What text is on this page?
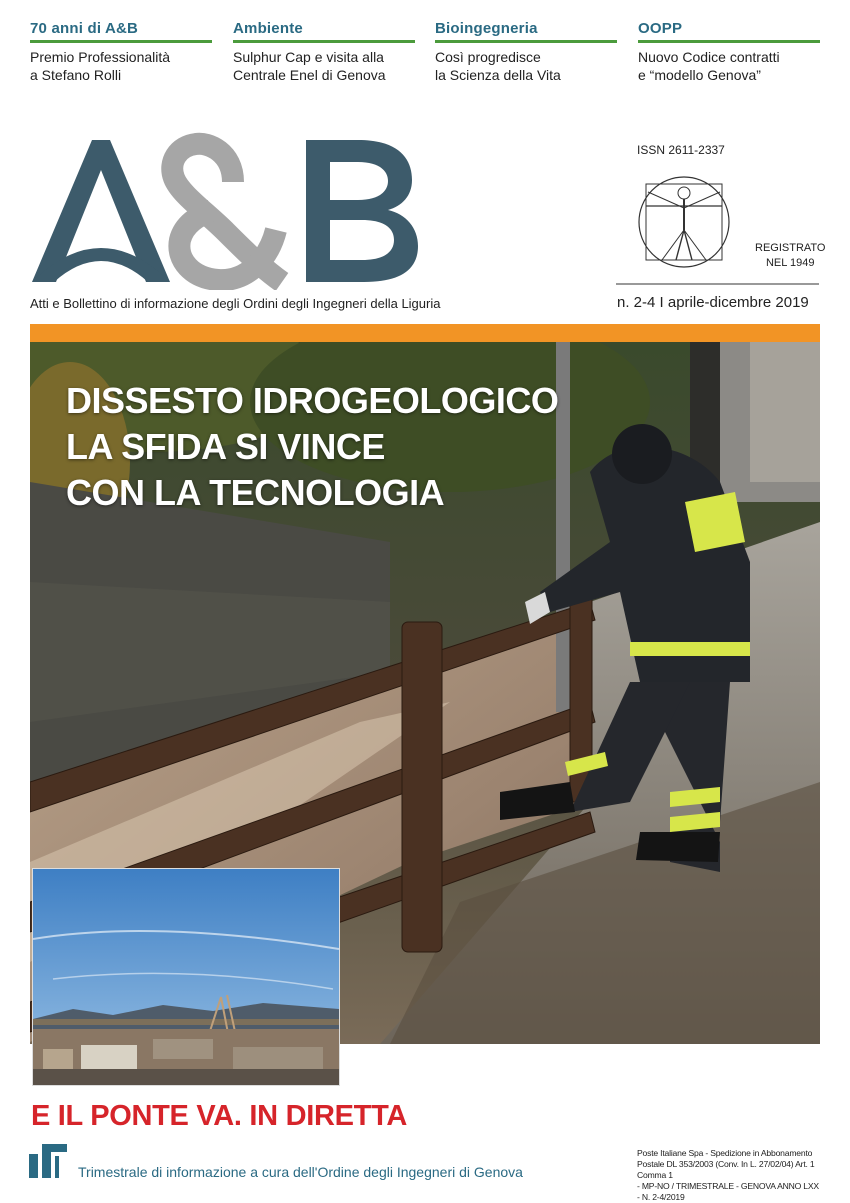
70 anni di A&B
Premio Professionalità
a Stefano Rolli
Ambiente
Sulphur Cap e visita alla
Centrale Enel di Genova
Bioingegneria
Così progredisce
la Scienza della Vita
OOPP
Nuovo Codice contratti
e “modello Genova”
Atti e Bollettino di informazione degli Ordini degli Ingegneri della Liguria
ISSN 2611-2337
REGISTRATO
NEL 1949
n. 2-4 I aprile-dicembre 2019
DISSESTO IDROGEOLOGICO
LA SFIDA SI VINCE
CON LA TECNOLOGIA
E IL PONTE VA. IN DIRETTA
Trimestrale di informazione a cura dell'Ordine degli Ingegneri di Genova
Poste Italiane Spa - Spedizione in Abbonamento
Postale DL 353/2003 (Conv. In L. 27/02/04) Art. 1 Comma 1
- MP-NO / TRIMESTRALE - GENOVA ANNO LXX - N. 2-4/2019
